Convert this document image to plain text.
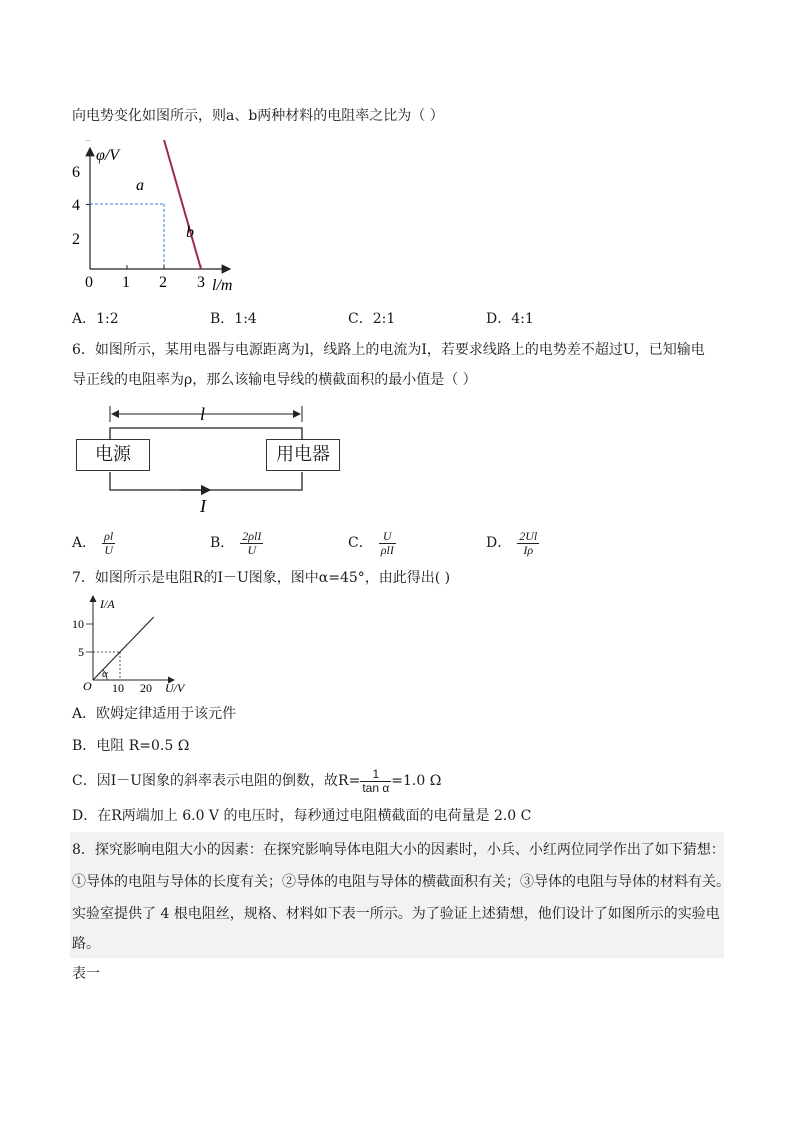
向电势变化如图所示，则a、b两种材料的电阻率之比为（ ）
φ/V
l/m
6
4
2
0 1 2 3
a
b
A．1:2	B．1:4	C．2:1	D．4:1
6．如图所示，某用电器与电源距离为l，线路上的电流为I，若要求线路上的电势差不超过U，已知输电
导正线的电阻率为ρ，那么该输电导线的横截面积的最小值是（ ）
l
I
电源	用电器
A． $\frac{\rho l}{U}$	B． $\frac{\text{2ρlI}}{U}$	C． $\frac{U}{\text{ρlI}}$	D． $\frac{2Ul}{I\rho}$
7．如图所示是电阻R的I－U图象，图中α=45°，由此得出( )
I/A
U/V
10
5
10 20
O
α
A．欧姆定律适用于该元件
B．电阻 R=0.5 Ω
C．因I－U图象的斜率表示电阻的倒数，故$R= \frac{1}{\text{tan α}} =1.0$ Ω
D．在R两端加上 6.0 V 的电压时，每秒通过电阻横截面的电荷量是 2.0 C
8．探究影响电阻大小的因素：在探究影响导体电阻大小的因素时，小兵、小红两位同学作出了如下猜想：
①导体的电阻与导体的长度有关；②导体的电阻与导体的横截面积有关；③导体的电阻与导体的材料有关。
实验室提供了 4 根电阻丝，规格、材料如下表一所示。为了验证上述猜想，他们设计了如图所示的实验电
路。
表一
